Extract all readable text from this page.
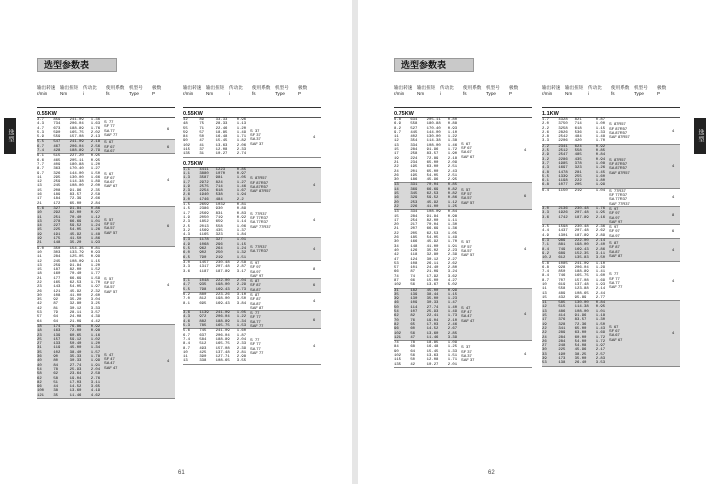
选型
选型参数表
输出转速
r/min
输出扭矩
Nm
传动比
i
使用系数
fs
机型号
Type
极数
P
0.55KW
3.7    859    241.09   1.36
4.3    734    206.04   1.63
4.7    673    188.89   1.76
5.3    590    165.75   2.02
5.9    559    157.08   2.13
S  77
SF 77
SA 77
SAF 77
6
5.5    547    241.09   2.18
6.7    467    206.04   2.56
7.4    428    188.89   2.79
S  67
SF 67
SA 67
6
6.1    515    227.20   0.95
6.6    465    205.11   0.95
7.7    409    180.88   1.20
8.7    363    170.40   1.27
9.7    326    144.00   1.50
11     295    130.00   1.66
12     259    114.38   1.89
13     245    108.00   2.00
15     208    91.96    2.35
16     189    83.57    2.58
17     184    72.39    2.66
21     172    65.00    2.84
S  67
SF 67
SA 67
SAF 67
4
5.6    327    91.84    0.86
10     292    82.00    0.97
11     251    70.40    1.12
13     278    66.69    1.01
14     227    59.52    1.24
15     225    54.05    1.26
19     191    45.92    1.48
19     175    41.50    1.86
21     148    35.20    1.93
S  57
SF 57
SA 57
SAF 57
6
9.0    350    154.35   0.81
10     303    133.79   0.93
11     284    125.05   0.99
12     245    108.09   1.15
13     259    91.84    1.20
15     187    82.00    1.52
18     160    70.40    1.77
21     177    66.69    1.59
22     165    62.53    1.70
23     143    54.05    1.97
26     121    45.92    2.32
30     108    41.00    2.60
35     92     35.20    3.04
42     87     32.80    3.25
42     81     30.12    3.33
53     79     28.11    3.57
57     64     24.08    4.39
64     64     21.09    4.42
S  57
SF 57
SA 57
SAF 57
4
18     174    76.86    0.92
18     163    72.00    0.98
23     139    60.65    1.16
25     157    59.12    1.02
27     133    50.40    1.20
31     119    45.00    1.34
35     102    38.40    1.57
36     90     35.33    1.78
40     80     30.33    1.99
40     84     27.74    1.91
54     78     25.93    2.04
58     62     23.64    2.58
62     58     19.04    2.76
82     51     17.03    3.11
96     44     14.52    3.65
100    38     13.60    4.19
121    35     11.46    4.62
S  47
SF 47
SA 47
SAF 47
4
输出转速
r/min
输出扭矩
Nm
传动比
i
使用系数
fs
机型号
Type
极数
P
0.55KW
42     89     33.33    0.96
48     75     28.33    1.13
55     71     22.46    1.20
59     57     18.85    1.49
84     50     16.48    1.71
90     47     15.45    1.82
102    41     13.63    2.06
115    37     12.08    2.33
135    31     10.27    2.74
S  37
SF 37
SA 37
SAF 37
4
0.75KW
1.1    4411   1223     0.85
1.1    3880   1070     0.97
1.3    3587   981      1.05
1.7    2972   824      1.27
1.9    2575   714      1.46
2.3    2254   618      1.67
2.6    1940   538      1.94
3.0    1746   484      2.2
S  87R57
SF 87R57
SA 87R57
SAF 87R57
4
1.5    2659   1032     0.81
1.5    2386   930      0.89
1.7    2569   831      0.83
1.9    2050   719      0.92
2.3    1852   659      1.14
2.5    2013   558      1.06
3.2    1569   435      1.37
4.3    1165   323      1.84
S  77R37
SF 77R37
SA 77R37
SAF 77R37
4
4.3    1178   327      1.01
4.9    1068   296      1.15
5.5    962    264      1.24
6.0    902    250      1.32
6.5    790    219      1.51
S  77R37
SA 77R37	4
3.0    1457   230.48   2.58
3.3    1317   207.48   2.87
3.6    1187   187.89   3.17
S  97
SF 97
SA 97
SAF 97
8
4.1    1048   222.00   2.04
4.7    935    198.00   2.29
5.5    798    169.43   2.73
S  87
SF 87
SA 87
6
6.2    880    223.26   3.10
7.0    812    198.00   3.50
8.1    695    169.43   3.84
S  87
SF 87
SA 87
SAF 87
4
3.6    1139   241.09   1.05
4.3    972    206.04   1.22
4.6    882    188.89   1.34
5.3    785    165.75   1.53
S  77
SF 77
SA 77
SAF 77
6
5.6    745    241.09   1.60
6.7    637    206.04   1.87
7.4    584    188.89   2.04
8.4    512    165.75   2.33
8.7    493    157.08   2.39
10     425    137.48   2.81
11     390    127.71   2.98
13     338    108.65   3.55
S  77
SF 77
SA 77
SAF 77
4
61
选型
选型参数表
输出转速
r/min
输出扭矩
Nm
传动比
i
使用系数
fs
机型号
Type
极数
P
0.75KW
6.8    634    205.11   0.80
6.9    558    180.88   0.88
8.2    527    170.40   0.93
9.7    445    144.00   1.10
11     402    130.00   1.22
12     354    114.38   1.38
13     334    108.00   1.46
15     284    91.96    1.72
17     258    83.57    1.90
19     224    72.89    2.18
21     234    65.00    2.09
22     195    63.00    2.51
24     201    65.00    2.43
26     195    54.05    2.51
30     186    45.96    2.95
S  67
SF 67
SA 67
SAF 67
4
13     331    70.04    0.85
14     369    66.69    0.82
15     345    62.53    0.82
16     329    59.52    0.86
20     253    45.92    1.12
22     226    41.00    1.25
S  57
SF 57
SA 57
SAF 57
6
13     334    108.09   0.84
15     284    91.84    0.98
17     254    82.00    1.11
20     217    70.04    1.30
21     207    66.69    1.36
22     205    62.53    1.05
26     185    54.05    1.49
30     166    45.92    1.70
34     148    41.00    1.91
40     126    35.02    2.23
42     118    32.80    2.39
47     124    30.12    2.27
53     108    26.11    2.62
57     101    24.40    2.80
66     87     21.09    3.24
74     74     17.92    3.62
87     66     15.00    4.27
102    56     13.67    5.02
S  57
SF 57
SA 57
SAF 57
4
31     182    45.00    0.99
35     139    38.44    1.15
39     130    35.00    1.23
46     109    30.33    1.47
50     114    27.74    1.40
54     107    25.93    1.49
62     82     22.41    1.73
70     76     19.04    2.10
82     65     17.03    2.46
96     60     14.52    2.67
102    56     13.60    2.85
121    47     11.46    3.39
S  47
SF 47
SA 47
SAF 47
4
74     78     18.85    1.09
84     68     16.48    1.25
90     64     15.45    1.33
102    56     13.63    1.51
115    50     12.08    1.71
135    42     10.27    2.01
S  37
SF 37
SA 37
SAF 37
4
输出转速
r/min
输出扭矩
Nm
传动比
i
使用系数
fs
机型号
Type
极数
P
1.1KW
1.7    4328   821      0.87
2.0    3750   714      1.00
2.2    3258   618      1.15
2.6    2826   536      1.33
2.8    2542   484      1.48
3.3    2206   420      1.70
S  87R57
SF 87R57
SA 87R57
SAF 87R57
4
2.2    2341   624      0.92
2.5    2512   558      0.85
2.9    2547   485      0.84
3.2    2286   435      0.94
3.7    1985   378      1.08
4.3    1697   323      1.26
4.8    1478   281      1.45
5.5    1339   255      1.60
6.1    1198   222      1.80
6.8    1077   205      1.99
S  87R57
SF 87R57
SA 87R57
SAF 87R57
4
6.4    1150   219      1.04	S  77R37
SF 77R37
SA 77R37
SAF 77R37
4
3.0    2136   230.48   1.76
3.3    1926   207.48   1.95
3.6    1742   187.89   2.16
S  97
SF 97
SA 97
SAF 97
8
3.5    1598   230.48   2.36
4.4    1437   207.48   2.62
4.9    1301   187.89   2.89
S  97
SF 97
SA 97
6
6.3    989    222.00   2.14
7.1    881    198.00   2.40
8.4    749    169.43   2.86
9.2    689    152.35   3.11
10.2   612    135.83   3.50
S  87
SF 87
SA 87
SAF 87
4
5.8    1085   241.09   1.10
6.8    928    206.04   1.29
7.4    850    188.89   1.41
8.4    746    165.75   1.60
8.7    707    157.08   1.69
10     619    137.48   1.93
11     558    123.88   2.14
13     489    108.65   2.44
15     432    95.89    2.77
S  77
SF 77
SA 77
SAF 77
4
11     585    130.00   0.84
12     515    114.38   0.95
13     486    108.00   1.01
15     414    91.96    1.18
17     376    83.57    1.30
19     328    72.36    1.50
22     341    65.00    1.43
22     289    63.00    1.69
24     284    60.00    1.72
26     284    54.00    1.72
27     248    54.08    1.97
30     225    45.96    2.17
33     190    38.25    2.57
39     173    35.00    2.83
53     138    26.40    3.53
S  67
SF 67
SA 67
SAF 67
4
62
